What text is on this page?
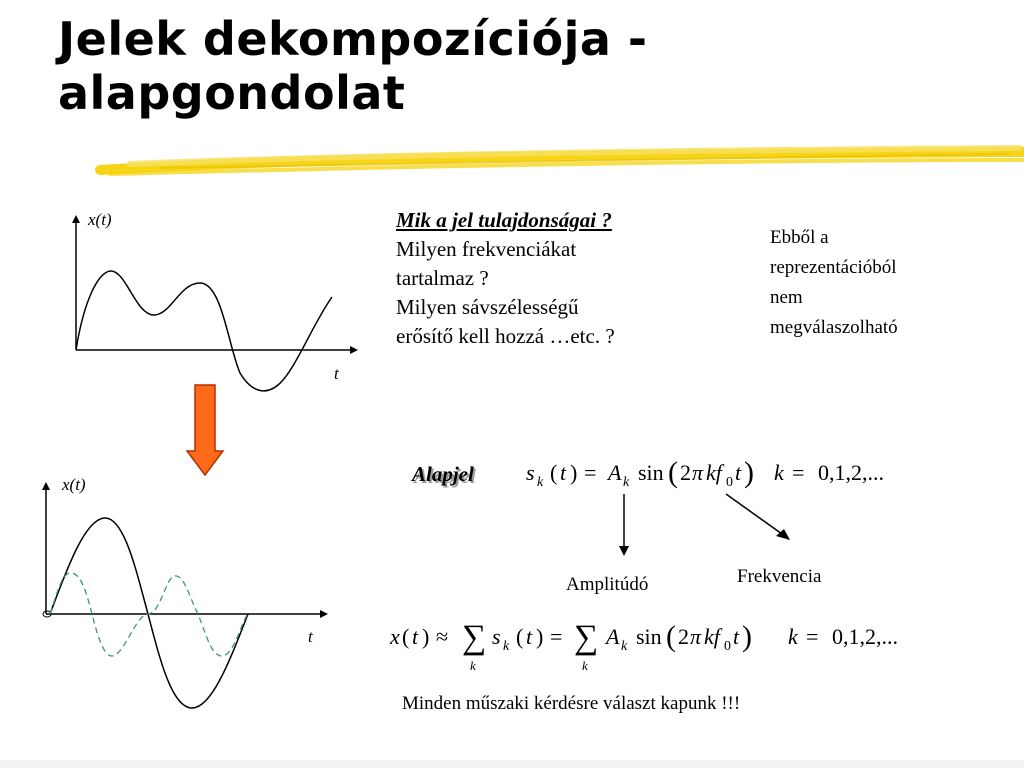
Jelek dekompozíciója -
alapgondolat
x(t)
t
x(t)
t
Mik a jel tulajdonságai ?
Milyen frekvenciákat
tartalmaz ?
Milyen sávszélességű
erősítő kell hozzá …etc. ?
Ebből a
reprezentációból
nem
megválaszolható
Alapjel s k ( t ) = A k sin ( 2 π kf 0 t ) k = 0,1,2,...
Amplitúdó	Frekvencia
x ( t ) ≈ ∑
k
s k ( t ) = ∑
k
A k sin ( 2 π kf 0 t ) k = 0,1,2,...
Minden műszaki kérdésre választ kapunk !!!
